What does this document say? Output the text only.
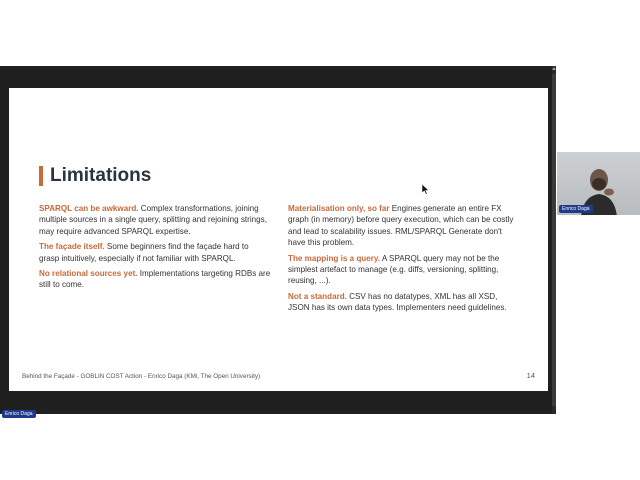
Limitations

SPARQL can be awkward. Complex transformations, joining multiple sources in a single query, splitting and rejoining strings, may require advanced SPARQL expertise.

The façade itself. Some beginners find the façade hard to grasp intuitively, especially if not familiar with SPARQL.

No relational sources yet. Implementations targeting RDBs are still to come.

Materialisation only, so far Engines generate an entire FX graph (in memory) before query execution, which can be costly and lead to scalability issues. RML/SPARQL Generate don't have this problem.

The mapping is a query. A SPARQL query may not be the simplest artefact to manage (e.g. diffs, versioning, splitting, reusing, ...).

Not a standard. CSV has no datatypes, XML has all XSD, JSON has its own data types. Implementers need guidelines.

Behind the Façade - GOBLIN COST Action - Enrico Daga (KMi, The Open University)	14
Enrico Daga
Enrico Daga
